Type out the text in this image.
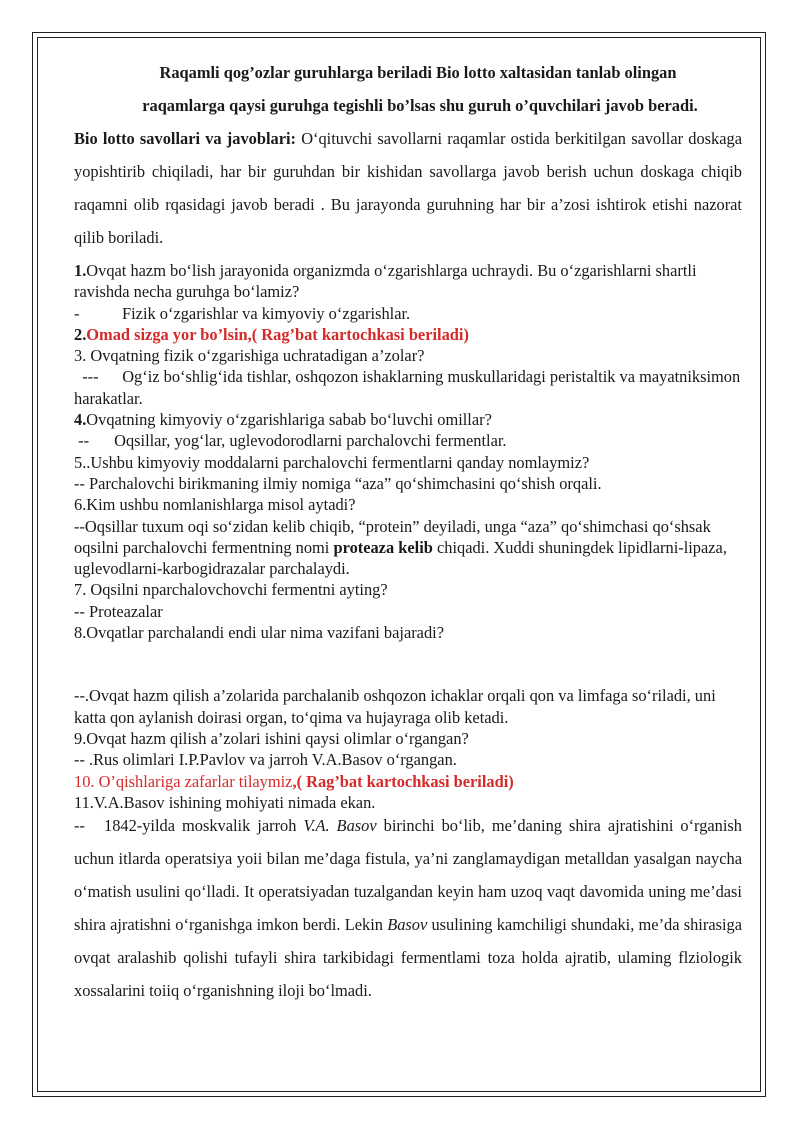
Raqamli qog’ozlar guruhlarga beriladi Bio lotto xaltasidan tanlab olingan
raqamlarga qaysi guruhga tegishli bo’lsas shu guruh o’quvchilari javob beradi.

Bio lotto savollari va javoblari: O‘qituvchi savollarni raqamlar ostida berkitilgan savollar doskaga yopishtirib chiqiladi, har bir guruhdan bir kishidan savollarga javob berish uchun doskaga chiqib raqamni olib rqasidagi javob beradi . Bu jarayonda guruhning har bir a’zosi ishtirok etishi nazorat qilib boriladi.

1.Ovqat hazm bo‘lish jarayonida organizmda o‘zgarishlarga uchraydi. Bu o‘zgarishlarni shartli ravishda necha guruhga bo‘lamiz?

-	Fizik o‘zgarishlar va kimyoviy o‘zgarishlar.

2.Omad sizga yor bo’lsin,( Rag’bat kartochkasi beriladi)

3. Ovqatning fizik o‘zgarishiga uchratadigan a’zolar?

--- Og‘iz bo‘shlig‘ida tishlar, oshqozon ishaklarning muskullaridagi peristaltik va mayatniksimon harakatlar.

4.Ovqatning kimyoviy o‘zgarishlariga sabab bo‘luvchi omillar?

-- Oqsillar, yog‘lar, uglevodorodlarni parchalovchi fermentlar.

5..Ushbu kimyoviy moddalarni parchalovchi fermentlarni qanday nomlaymiz?

-- Parchalovchi birikmaning ilmiy nomiga “aza” qo‘shimchasini qo‘shish orqali.

6.Kim ushbu nomlanishlarga misol aytadi?

--Oqsillar tuxum oqi so‘zidan kelib chiqib, “protein” deyiladi, unga “aza” qo‘shimchasi qo‘shsak oqsilni parchalovchi fermentning nomi proteaza kelib chiqadi. Xuddi shuningdek lipidlarni-lipaza, uglevodlarni-karbogidrazalar parchalaydi.

7. Oqsilni nparchalovchovchi fermentni ayting?

-- Proteazalar

8.Ovqatlar parchalandi endi ular nima vazifani bajaradi?

--.Ovqat hazm qilish a’zolarida parchalanib oshqozon ichaklar orqali qon va limfaga so‘riladi, uni katta qon aylanish doirasi organ, to‘qima va hujayraga olib ketadi.

9.Ovqat hazm qilish a’zolari ishini qaysi olimlar o‘rgangan?

-- .Rus olimlari I.P.Pavlov va jarroh V.A.Basov o‘rgangan.

10. O’qishlariga zafarlar tilaymiz,( Rag’bat kartochkasi beriladi)

11.V.A.Basov ishining mohiyati nimada ekan.

-- 1842-yilda moskvalik jarroh V.A. Basov birinchi bo‘lib, me’daning shira ajratishini o‘rganish uchun itlarda operatsiya yoii bilan me’daga fistula, ya’ni zanglamaydigan metalldan yasalgan naycha o‘matish usulini qo‘lladi. It operatsiyadan tuzalgandan keyin ham uzoq vaqt davomida uning me’dasi shira ajratishni o‘rganishga imkon berdi. Lekin Basov usulining kamchiligi shundaki, me’da shirasiga ovqat aralashib qolishi tufayli shira tarkibidagi fermentlami toza holda ajratib, ulaming flziologik xossalarini toiiq o‘rganishning iloji bo‘lmadi.
